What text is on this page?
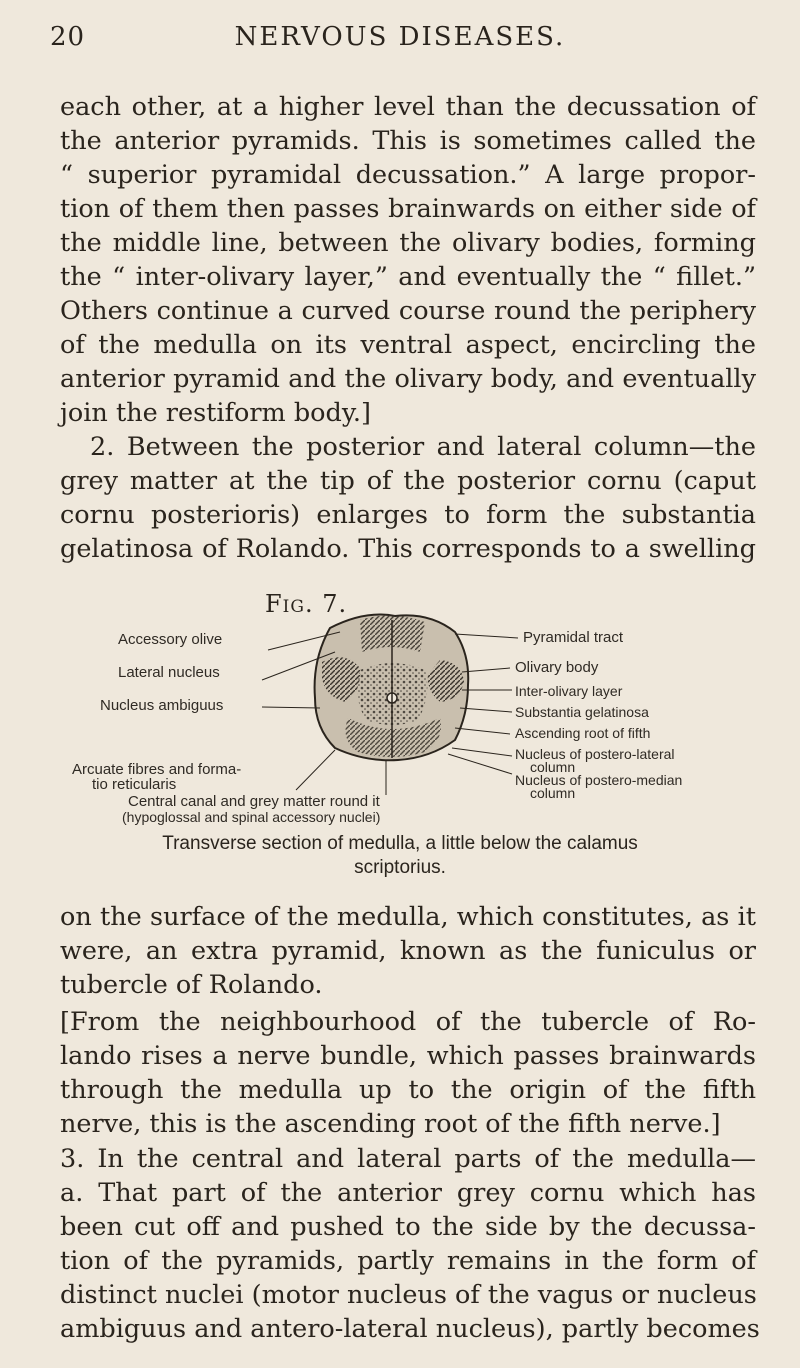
20	NERVOUS DISEASES.
each other, at a higher level than the decussation of
the anterior pyramids. This is sometimes called the
“ superior pyramidal decussation.” A large propor-
tion of them then passes brainwards on either side of
the middle line, between the olivary bodies, forming
the “ inter-olivary layer,” and eventually the “ fillet.”
Others continue a curved course round the periphery
of the medulla on its ventral aspect, encircling the
anterior pyramid and the olivary body, and eventually
join the restiform body.]
2. Between the posterior and lateral column—the
grey matter at the tip of the posterior cornu (caput
cornu posterioris) enlarges to form the substantia
gelatinosa of Rolando. This corresponds to a swelling
Fig. 7.
Accessory olive
Lateral nucleus
Nucleus ambiguus
Arcuate fibres and forma-
tio reticularis
Pyramidal tract
Olivary body
Inter-olivary layer
Substantia gelatinosa
Ascending root of fifth
Nucleus of postero-lateral
column
Nucleus of postero-median
column
Central canal and grey matter round it
(hypoglossal and spinal accessory nuclei)
Transverse section of medulla, a little below the calamus
scriptorius.
on the surface of the medulla, which constitutes, as it
were, an extra pyramid, known as the funiculus or
tubercle of Rolando.
[From the neighbourhood of the tubercle of Ro-
lando rises a nerve bundle, which passes brainwards
through the medulla up to the origin of the fifth
nerve, this is the ascending root of the fifth nerve.]
3. In the central and lateral parts of the medulla—
a. That part of the anterior grey cornu which has
been cut off and pushed to the side by the decussa-
tion of the pyramids, partly remains in the form of
distinct nuclei (motor nucleus of the vagus or nucleus
ambiguus and antero-lateral nucleus), partly becomes
